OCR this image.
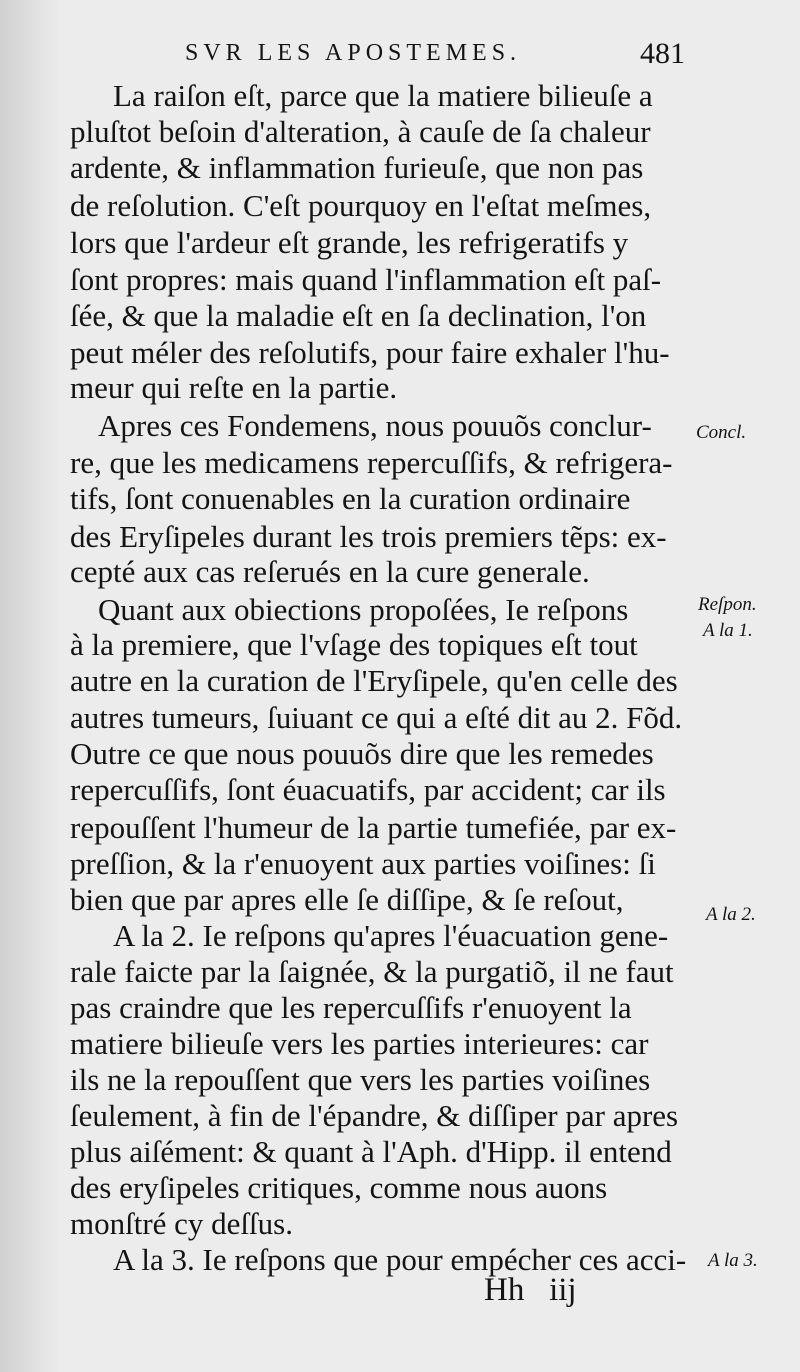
SVR LES APOSTEMES.	481
La raiſon eſt, parce que la matiere bilieuſe a
pluſtot beſoin d'alteration, à cauſe de ſa chaleur
ardente, & inflammation furieuſe, que non pas
de reſolution. C'eſt pourquoy en l'eſtat meſmes,
lors que l'ardeur eſt grande, les refrigeratifs y
ſont propres: mais quand l'inflammation eſt paſ-
ſée, & que la maladie eſt en ſa declination, l'on
peut méler des reſolutifs, pour faire exhaler l'hu-
meur qui reſte en la partie.
Apres ces Fondemens, nous pouuõs conclur-
re, que les medicamens repercuſſifs, & refrigera-
tifs, ſont conuenables en la curation ordinaire
des Eryſipeles durant les trois premiers tẽps: ex-
cepté aux cas reſerués en la cure generale.
Quant aux obiections propoſées, Ie reſpons
à la premiere, que l'vſage des topiques eſt tout
autre en la curation de l'Eryſipele, qu'en celle des
autres tumeurs, ſuiuant ce qui a eſté dit au 2. Fõd.
Outre ce que nous pouuõs dire que les remedes
repercuſſifs, ſont éuacuatifs, par accident; car ils
repouſſent l'humeur de la partie tumefiée, par ex-
preſſion, & la r'enuoyent aux parties voiſines: ſi
bien que par apres elle ſe diſſipe, & ſe reſout,
A la 2. Ie reſpons qu'apres l'éuacuation gene-
rale faicte par la ſaignée, & la purgatiõ, il ne faut
pas craindre que les repercuſſifs r'enuoyent la
matiere bilieuſe vers les parties interieures: car
ils ne la repouſſent que vers les parties voiſines
ſeulement, à fin de l'épandre, & diſſiper par apres
plus aiſément: & quant à l'Aph. d'Hipp. il entend
des eryſipeles critiques, comme nous auons
monſtré cy deſſus.
A la 3. Ie reſpons que pour empécher ces acci-
Concl.
Reſpon.
A la 1.
A la 2.
A la 3.
Hh   iij
